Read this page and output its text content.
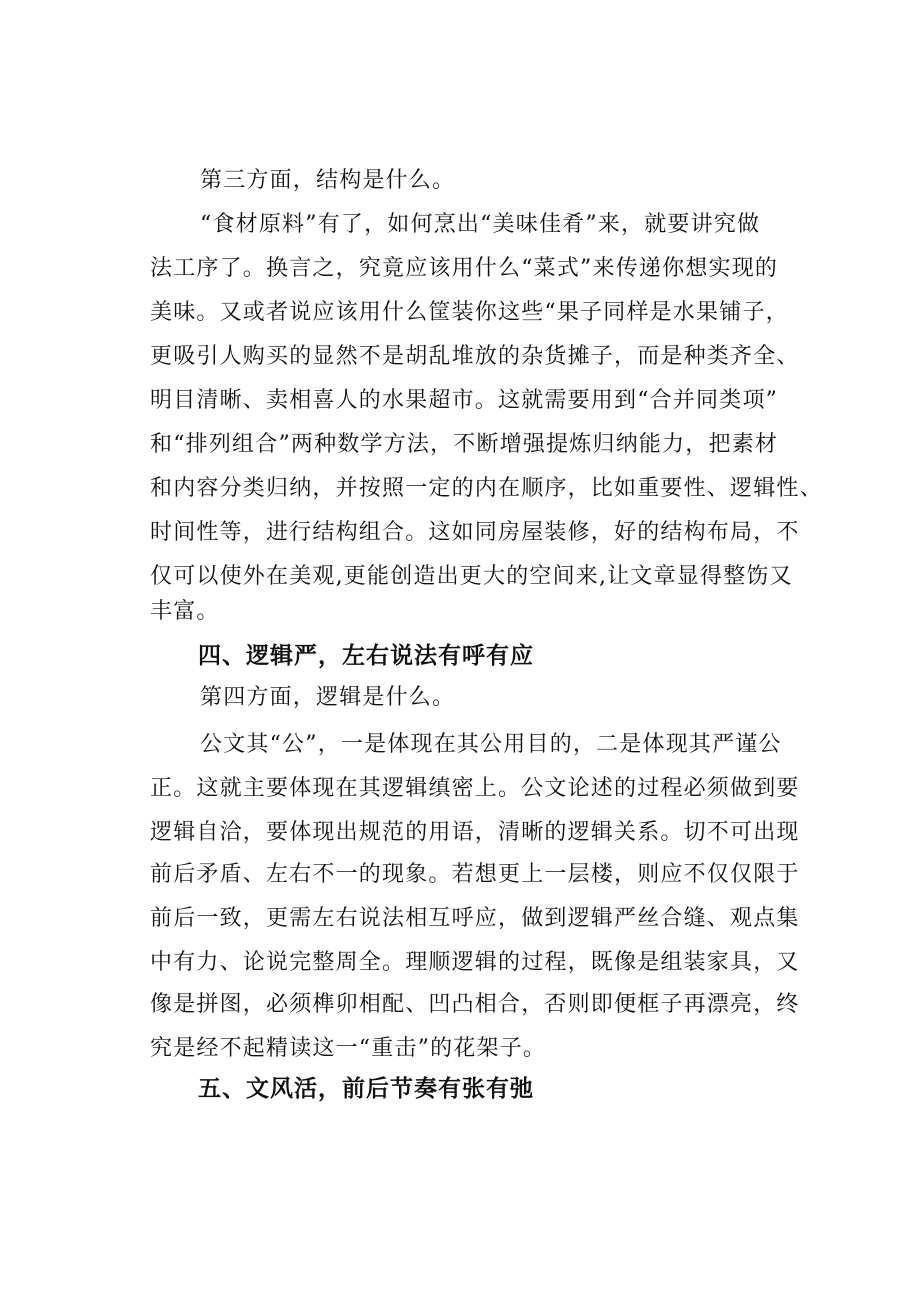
第三方面，结构是什么。
“食材原料”有了，如何烹出“美味佳肴”来，就要讲究做
法工序了。换言之，究竟应该用什么“菜式”来传递你想实现的
美味。又或者说应该用什么筐装你这些“果子同样是水果铺子，
更吸引人购买的显然不是胡乱堆放的杂货摊子，而是种类齐全、
明目清晰、卖相喜人的水果超市。这就需要用到“合并同类项”
和“排列组合”两种数学方法，不断增强提炼归纳能力，把素材
和内容分类归纳，并按照一定的内在顺序，比如重要性、逻辑性、
时间性等，进行结构组合。这如同房屋装修，好的结构布局，不
仅可以使外在美观,更能创造出更大的空间来,让文章显得整饬又
丰富。
四、逻辑严，左右说法有呼有应
第四方面，逻辑是什么。
公文其“公”，一是体现在其公用目的，二是体现其严谨公
正。这就主要体现在其逻辑缜密上。公文论述的过程必须做到要
逻辑自洽，要体现出规范的用语，清晰的逻辑关系。切不可出现
前后矛盾、左右不一的现象。若想更上一层楼，则应不仅仅限于
前后一致，更需左右说法相互呼应，做到逻辑严丝合缝、观点集
中有力、论说完整周全。理顺逻辑的过程，既像是组装家具，又
像是拼图，必须榫卯相配、凹凸相合，否则即便框子再漂亮，终
究是经不起精读这一“重击”的花架子。
五、文风活，前后节奏有张有弛
